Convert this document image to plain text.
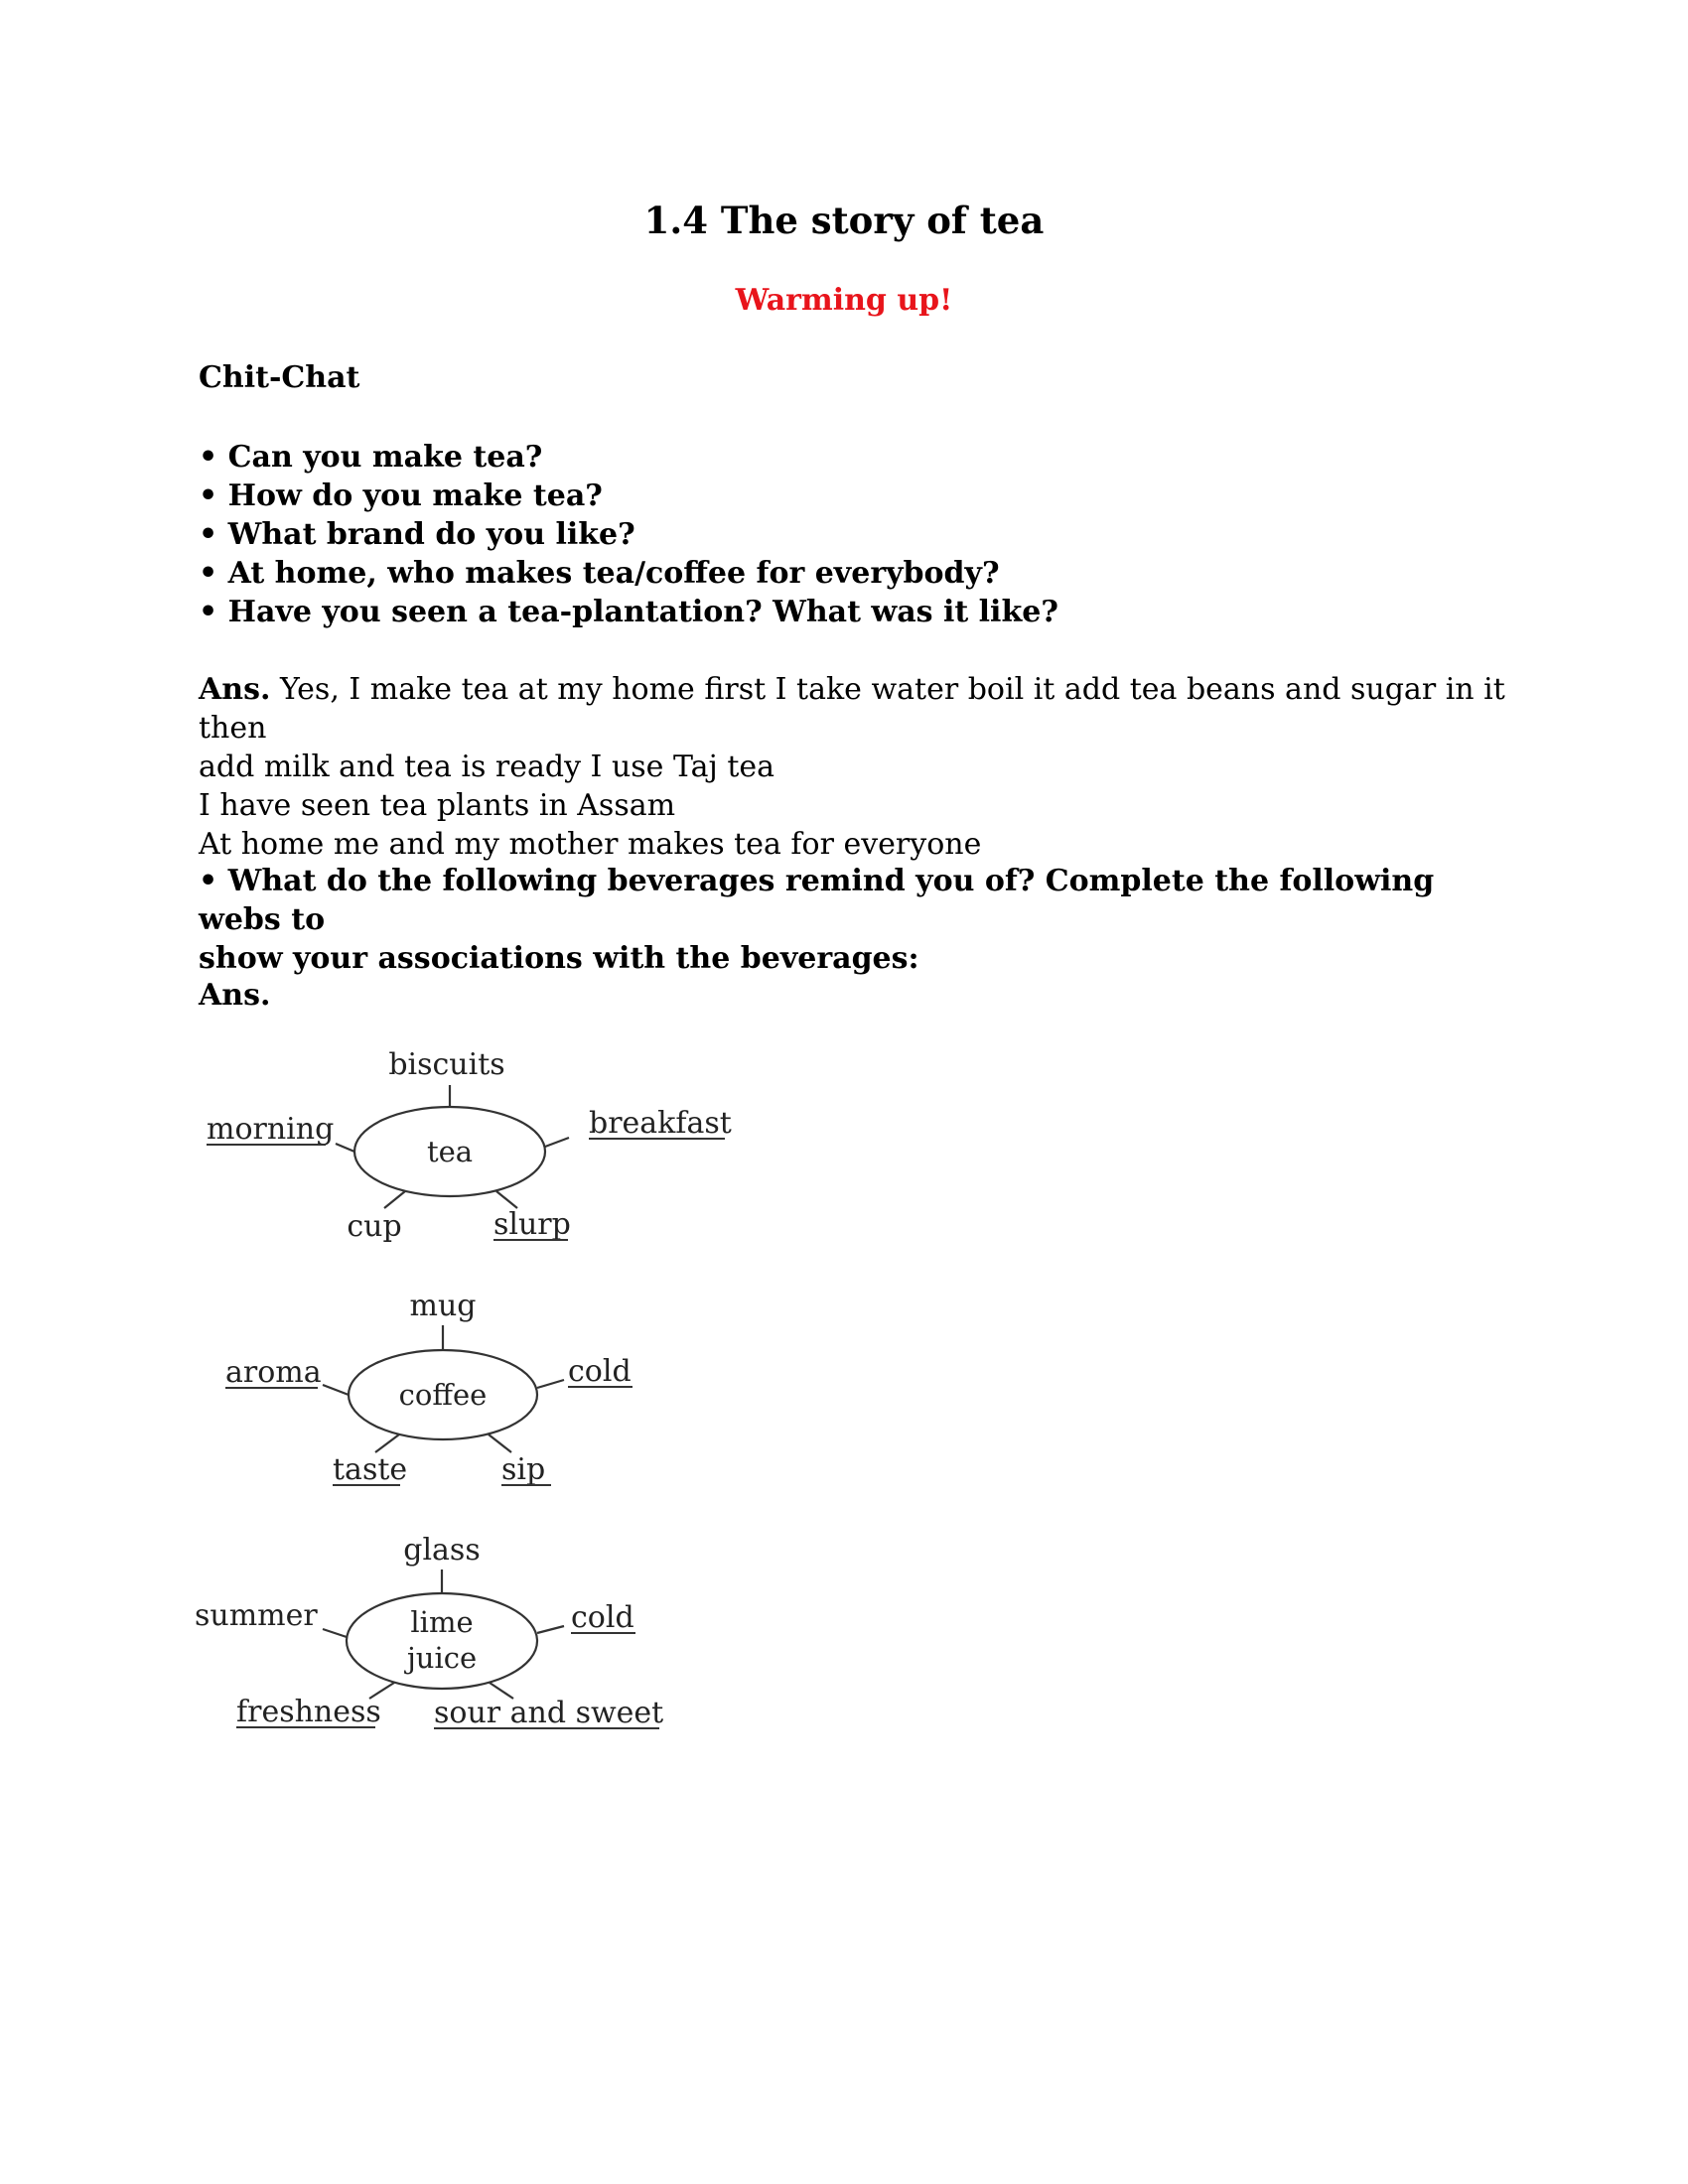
1.4 The story of tea
Warming up!
Chit-Chat
• Can you make tea?
• How do you make tea?
• What brand do you like?
• At home, who makes tea/coffee for everybody?
• Have you seen a tea-plantation? What was it like?

Ans. Yes, I make tea at my home first I take water boil it add tea beans and sugar in it then

add milk and tea is ready I use Taj tea

I have seen tea plants in Assam

At home me and my mother makes tea for everyone

• What do the following beverages remind you of? Complete the following webs to

show your associations with the beverages:
Ans.
tea
biscuits
morning	breakfast
cup	slurp
coffee
mug
aroma	cold
taste	sip
lime
juice
glass
summer	cold
freshness sour and sweet
